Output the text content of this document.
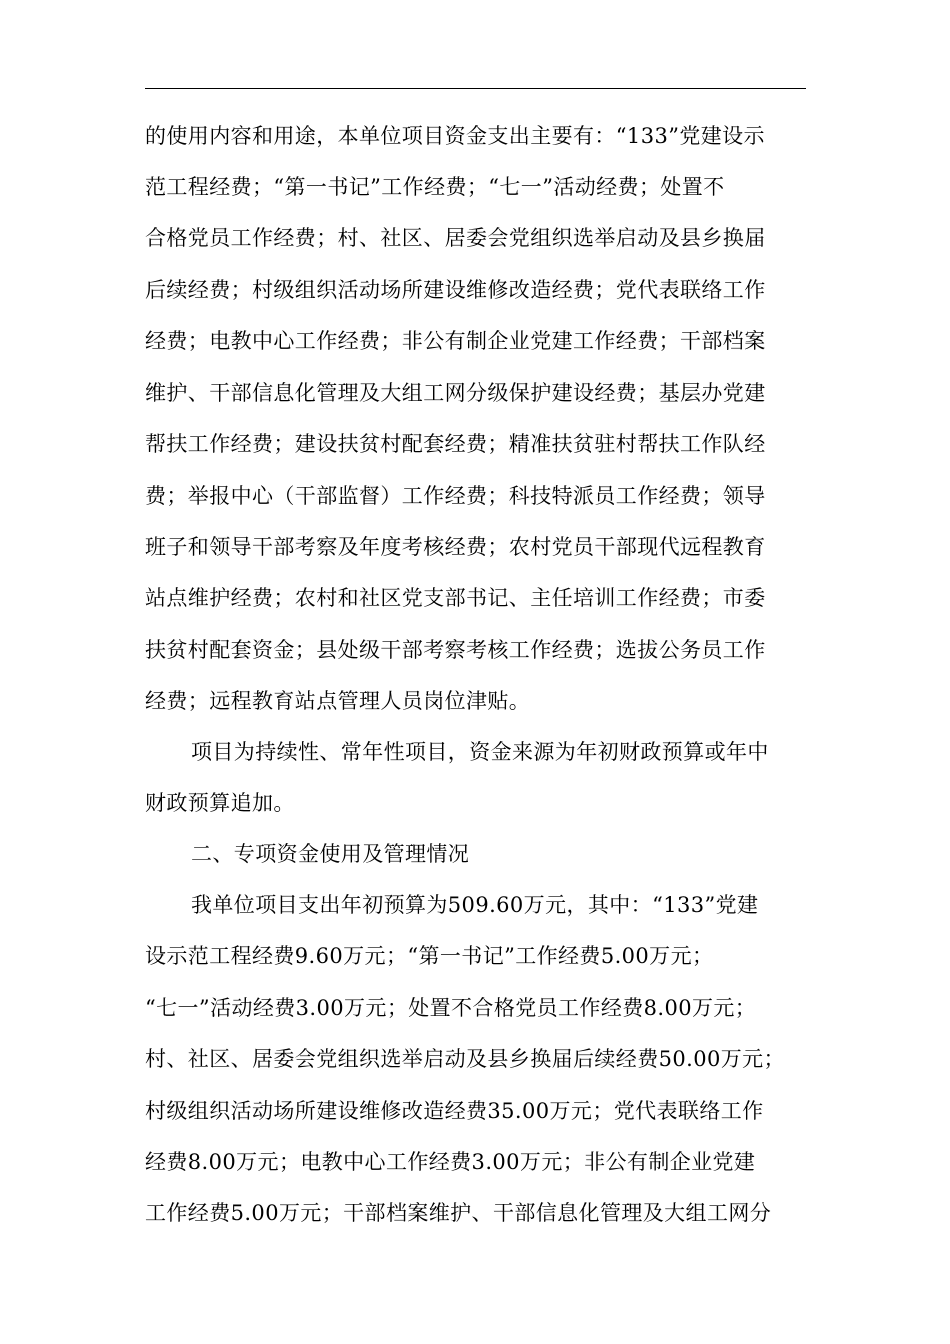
的使用内容和用途，本单位项目资金支出主要有：“133”党建设示
范工程经费；“第一书记”工作经费；“七一”活动经费；处置不
合格党员工作经费；村、社区、居委会党组织选举启动及县乡换届
后续经费；村级组织活动场所建设维修改造经费；党代表联络工作
经费；电教中心工作经费；非公有制企业党建工作经费；干部档案
维护、干部信息化管理及大组工网分级保护建设经费；基层办党建
帮扶工作经费；建设扶贫村配套经费；精准扶贫驻村帮扶工作队经
费；举报中心（干部监督）工作经费；科技特派员工作经费；领导
班子和领导干部考察及年度考核经费；农村党员干部现代远程教育
站点维护经费；农村和社区党支部书记、主任培训工作经费；市委
扶贫村配套资金；县处级干部考察考核工作经费；选拔公务员工作
经费；远程教育站点管理人员岗位津贴。
项目为持续性、常年性项目，资金来源为年初财政预算或年中
财政预算追加。
二、专项资金使用及管理情况
我单位项目支出年初预算为509.60万元，其中：“133”党建
设示范工程经费9.60万元；“第一书记”工作经费5.00万元；
“七一”活动经费3.00万元；处置不合格党员工作经费8.00万元；
村、社区、居委会党组织选举启动及县乡换届后续经费50.00万元；
村级组织活动场所建设维修改造经费35.00万元；党代表联络工作
经费8.00万元；电教中心工作经费3.00万元；非公有制企业党建
工作经费5.00万元；干部档案维护、干部信息化管理及大组工网分
